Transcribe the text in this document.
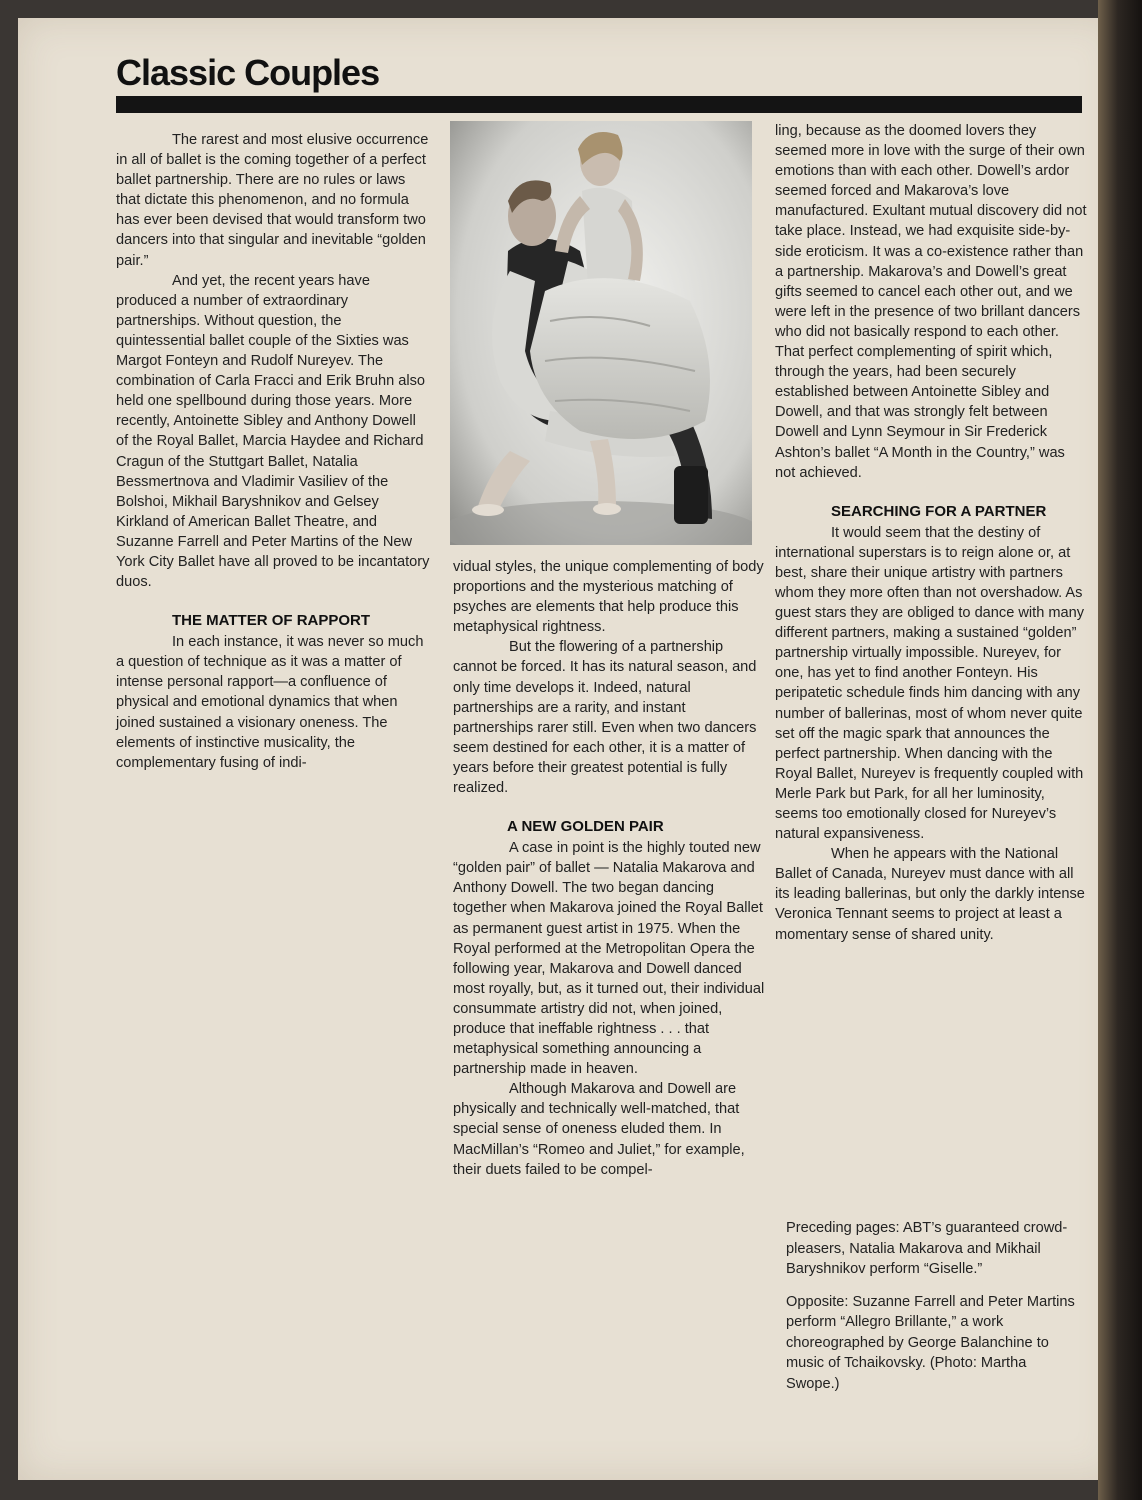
Classic Couples

The rarest and most elusive occurrence in all of ballet is the coming together of a perfect ballet partnership. There are no rules or laws that dictate this phenomenon, and no formula has ever been devised that would transform two dancers into that singular and inevitable “golden pair.”

And yet, the recent years have produced a number of extraordinary partnerships. Without question, the quintessential ballet couple of the Sixties was Margot Fonteyn and Rudolf Nureyev. The combination of Carla Fracci and Erik Bruhn also held one spellbound during those years. More recently, Antoinette Sibley and Anthony Dowell of the Royal Ballet, Marcia Haydee and Richard Cragun of the Stuttgart Ballet, Natalia Bessmertnova and Vladimir Vasiliev of the Bolshoi, Mikhail Baryshnikov and Gelsey Kirkland of American Ballet Theatre, and Suzanne Farrell and Peter Martins of the New York City Ballet have all proved to be incantatory duos.

THE MATTER OF RAPPORT

In each instance, it was never so much a question of technique as it was a matter of intense personal rapport—a confluence of physical and emotional dynamics that when joined sustained a visionary oneness. The elements of instinctive musicality, the complementary fusing of indi-

vidual styles, the unique complementing of body proportions and the mysterious matching of psyches are elements that help produce this metaphysical rightness.

But the flowering of a partnership cannot be forced. It has its natural season, and only time develops it. Indeed, natural partnerships are a rarity, and instant partnerships rarer still. Even when two dancers seem destined for each other, it is a matter of years before their greatest potential is fully realized.

A NEW GOLDEN PAIR

A case in point is the highly touted new “golden pair” of ballet — Natalia Makarova and Anthony Dowell. The two began dancing together when Makarova joined the Royal Ballet as permanent guest artist in 1975. When the Royal performed at the Metropolitan Opera the following year, Makarova and Dowell danced most royally, but, as it turned out, their individual consummate artistry did not, when joined, produce that ineffable rightness . . . that metaphysical something announcing a partnership made in heaven.

Although Makarova and Dowell are physically and technically well-matched, that special sense of oneness eluded them. In MacMillan’s “Romeo and Juliet,” for example, their duets failed to be compel-

ling, because as the doomed lovers they seemed more in love with the surge of their own emotions than with each other. Dowell’s ardor seemed forced and Makarova’s love manufactured. Exultant mutual discovery did not take place. Instead, we had exquisite side-by-side eroticism. It was a co-existence rather than a partnership. Makarova’s and Dowell’s great gifts seemed to cancel each other out, and we were left in the presence of two brillant dancers who did not basically respond to each other. That perfect complementing of spirit which, through the years, had been securely established between Antoinette Sibley and Dowell, and that was strongly felt between Dowell and Lynn Seymour in Sir Frederick Ashton’s ballet “A Month in the Country,” was not achieved.

SEARCHING FOR A PARTNER

It would seem that the destiny of international superstars is to reign alone or, at best, share their unique artistry with partners whom they more often than not overshadow. As guest stars they are obliged to dance with many different partners, making a sustained “golden” partnership virtually impossible. Nureyev, for one, has yet to find another Fonteyn. His peripatetic schedule finds him dancing with any number of ballerinas, most of whom never quite set off the magic spark that announces the perfect partnership. When dancing with the Royal Ballet, Nureyev is frequently coupled with Merle Park but Park, for all her luminosity, seems too emotionally closed for Nureyev’s natural expansiveness.

When he appears with the National Ballet of Canada, Nureyev must dance with all its leading ballerinas, but only the darkly intense Veronica Tennant seems to project at least a momentary sense of shared unity.

Preceding pages: ABT’s guaranteed crowd-pleasers, Natalia Makarova and Mikhail Baryshnikov perform “Giselle.”

Opposite: Suzanne Farrell and Peter Martins perform “Allegro Brillante,” a work choreographed by George Balanchine to music of Tchaikovsky. (Photo: Martha Swope.)
